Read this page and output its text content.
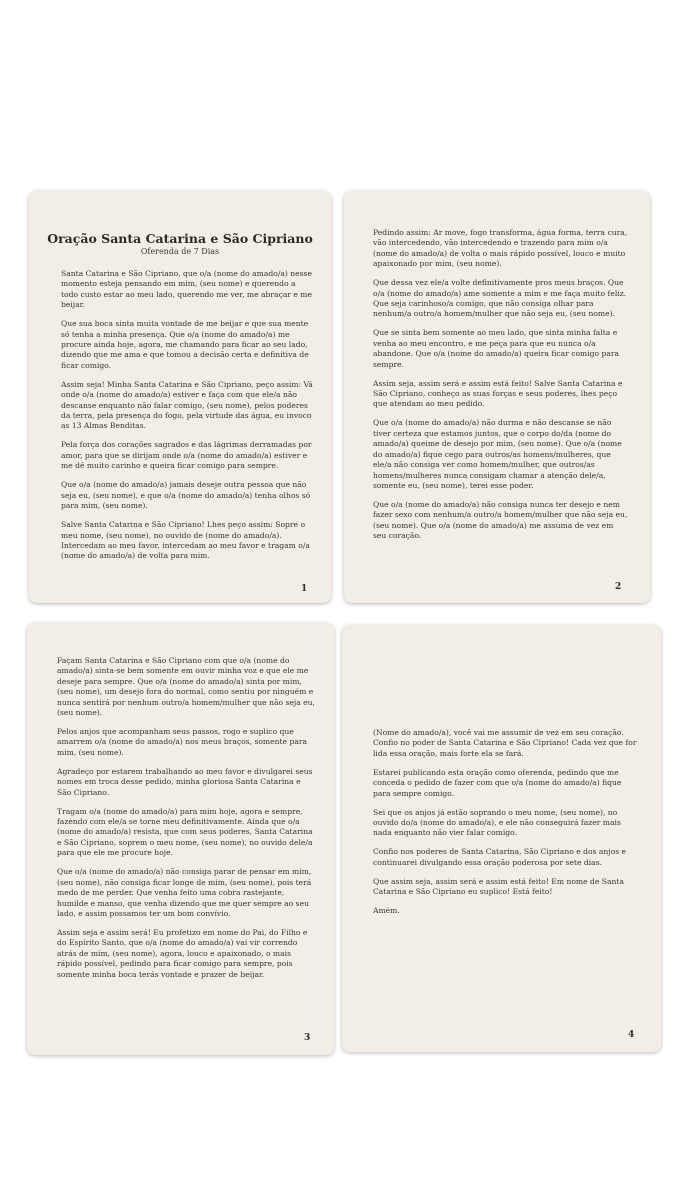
Oração Santa Catarina e São Cipriano
Oferenda de 7 Dias

Santa Catarina e São Cipriano, que o/a (nome do amado/a) nesse momento esteja pensando em mim, (seu nome) e querendo a todo custo estar ao meu lado, querendo me ver, me abraçar e me beijar.

Que sua boca sinta muita vontade de me beijar e que sua mente só tenha a minha presença. Que o/a (nome do amado/a) me procure ainda hoje, agora, me chamando para ficar ao seu lado, dizendo que me ama e que tomou a decisão certa e definitiva de ficar comigo.

Assim seja! Minha Santa Catarina e São Cipriano, peço assim: Vá onde o/a (nome do amado/a) estiver e faça com que ele/a não descanse enquanto não falar comigo, (seu nome), pelos poderes da terra, pela presença do fogo, pela virtude das água, eu invoco as 13 Almas Benditas.

Pela força dos corações sagrados e das lágrimas derramadas por amor, para que se dirijam onde o/a (nome do amado/a) estiver e me dê muito carinho e queira ficar comigo para sempre.

Que o/a (nome do amado/a) jamais deseje outra pessoa que não seja eu, (seu nome), e que o/a (nome do amado/a) tenha olhos só para mim, (seu nome).

Salve Santa Catarina e São Cipriano! Lhes peço assim: Sopre o meu nome, (seu nome), no ouvido de (nome do amado/a). Intercedam ao meu favor, intercedam ao meu favor e tragam o/a (nome do amado/a) de volta para mim.

1

Pedindo assim: Ar move, fogo transforma, água forma, terra cura, vão intercedendo, vão intercedendo e trazendo para mim o/a (nome do amado/a) de volta o mais rápido possível, louco e muito apaixonado por mim, (seu nome).

Que dessa vez ele/a volte definitivamente pros meus braços. Que o/a (nome do amado/a) ame somente a mim e me faça muito feliz. Que seja carinhoso/a comigo, que não consiga olhar para nenhum/a outro/a homem/mulher que não seja eu, (seu nome).

Que se sinta bem somente ao meu lado, que sinta minha falta e venha ao meu encontro, e me peça para que eu nunca o/a abandone. Que o/a (nome do amado/a) queira ficar comigo para sempre.

Assim seja, assim será e assim está feito! Salve Santa Catarina e São Cipriano, conheço as suas forças e seus poderes, lhes peço que atendam ao meu pedido.

Que o/a (nome do amado/a) não durma e não descanse se não tiver certeza que estamos juntos, que o corpo do/da (nome do amado/a) queime de desejo por mim, (seu nome). Que o/a (nome do amado/a) fique cego para outros/as homens/mulheres, que ele/a não consiga ver como homem/mulher, que outros/as homens/mulheres nunca consigam chamar a atenção dele/a, somente eu, (seu nome), terei esse poder.

Que o/a (nome do amado/a) não consiga nunca ter desejo e nem fazer sexo com nenhum/a outro/a homem/mulher que não seja eu, (seu nome). Que o/a (nome do amado/a) me assuma de vez em seu coração.

2

Façam Santa Catarina e São Cipriano com que o/a (nome do amado/a) sinta-se bem somente em ouvir minha voz e que ele me deseje para sempre. Que o/a (nome do amado/a) sinta por mim, (seu nome), um desejo fora do normal, como sentiu por ninguém e nunca sentirá por nenhum outro/a homem/mulher que não seja eu, (seu nome).

Pelos anjos que acompanham seus passos, rogo e suplico que amarrem o/a (nome do amado/a) nos meus braços, somente para mim, (seu nome).

Agradeço por estarem trabalhando ao meu favor e divulgarei seus nomes em troca desse pedido, minha gloriosa Santa Catarina e São Cipriano.

Tragam o/a (nome do amado/a) para mim hoje, agora e sempre, fazendo com ele/a se torne meu definitivamente. Ainda que o/a (nome do amado/a) resista, que com seus poderes, Santa Catarina e São Cipriano, soprem o meu nome, (seu nome), no ouvido dele/a para que ele me procure hoje.

Que o/a (nome do amado/a) não consiga parar de pensar em mim, (seu nome), não consiga ficar longe de mim, (seu nome), pois terá medo de me perder. Que venha feito uma cobra rastejante, humilde e manso, que venha dizendo que me quer sempre ao seu lado, e assim possamos ter um bom convívio.

Assim seja e assim será! Eu profetizo em nome do Pai, do Filho e do Espírito Santo, que o/a (nome do amado/a) vai vir correndo atrás de mim, (seu nome), agora, louco e apaixonado, o mais rápido possível, pedindo para ficar comigo para sempre, pois somente minha boca terás vontade e prazer de beijar.

3

(Nome do amado/a), você vai me assumir de vez em seu coração. Confio no poder de Santa Catarina e São Cipriano! Cada vez que for lida essa oração, mais forte ela se fará.

Estarei publicando esta oração como oferenda, pedindo que me conceda o pedido de fazer com que o/a (nome do amado/a) fique para sempre comigo.

Sei que os anjos já estão soprando o meu nome, (seu nome), no ouvido do/a (nome do amado/a), e ele não conseguirá fazer mais nada enquanto não vier falar comigo.

Confio nos poderes de Santa Catarina, São Cipriano e dos anjos e continuarei divulgando essa oração poderosa por sete dias.

Que assim seja, assim será e assim está feito! Em nome de Santa Catarina e São Cipriano eu suplico! Está feito!

Amém.

4
